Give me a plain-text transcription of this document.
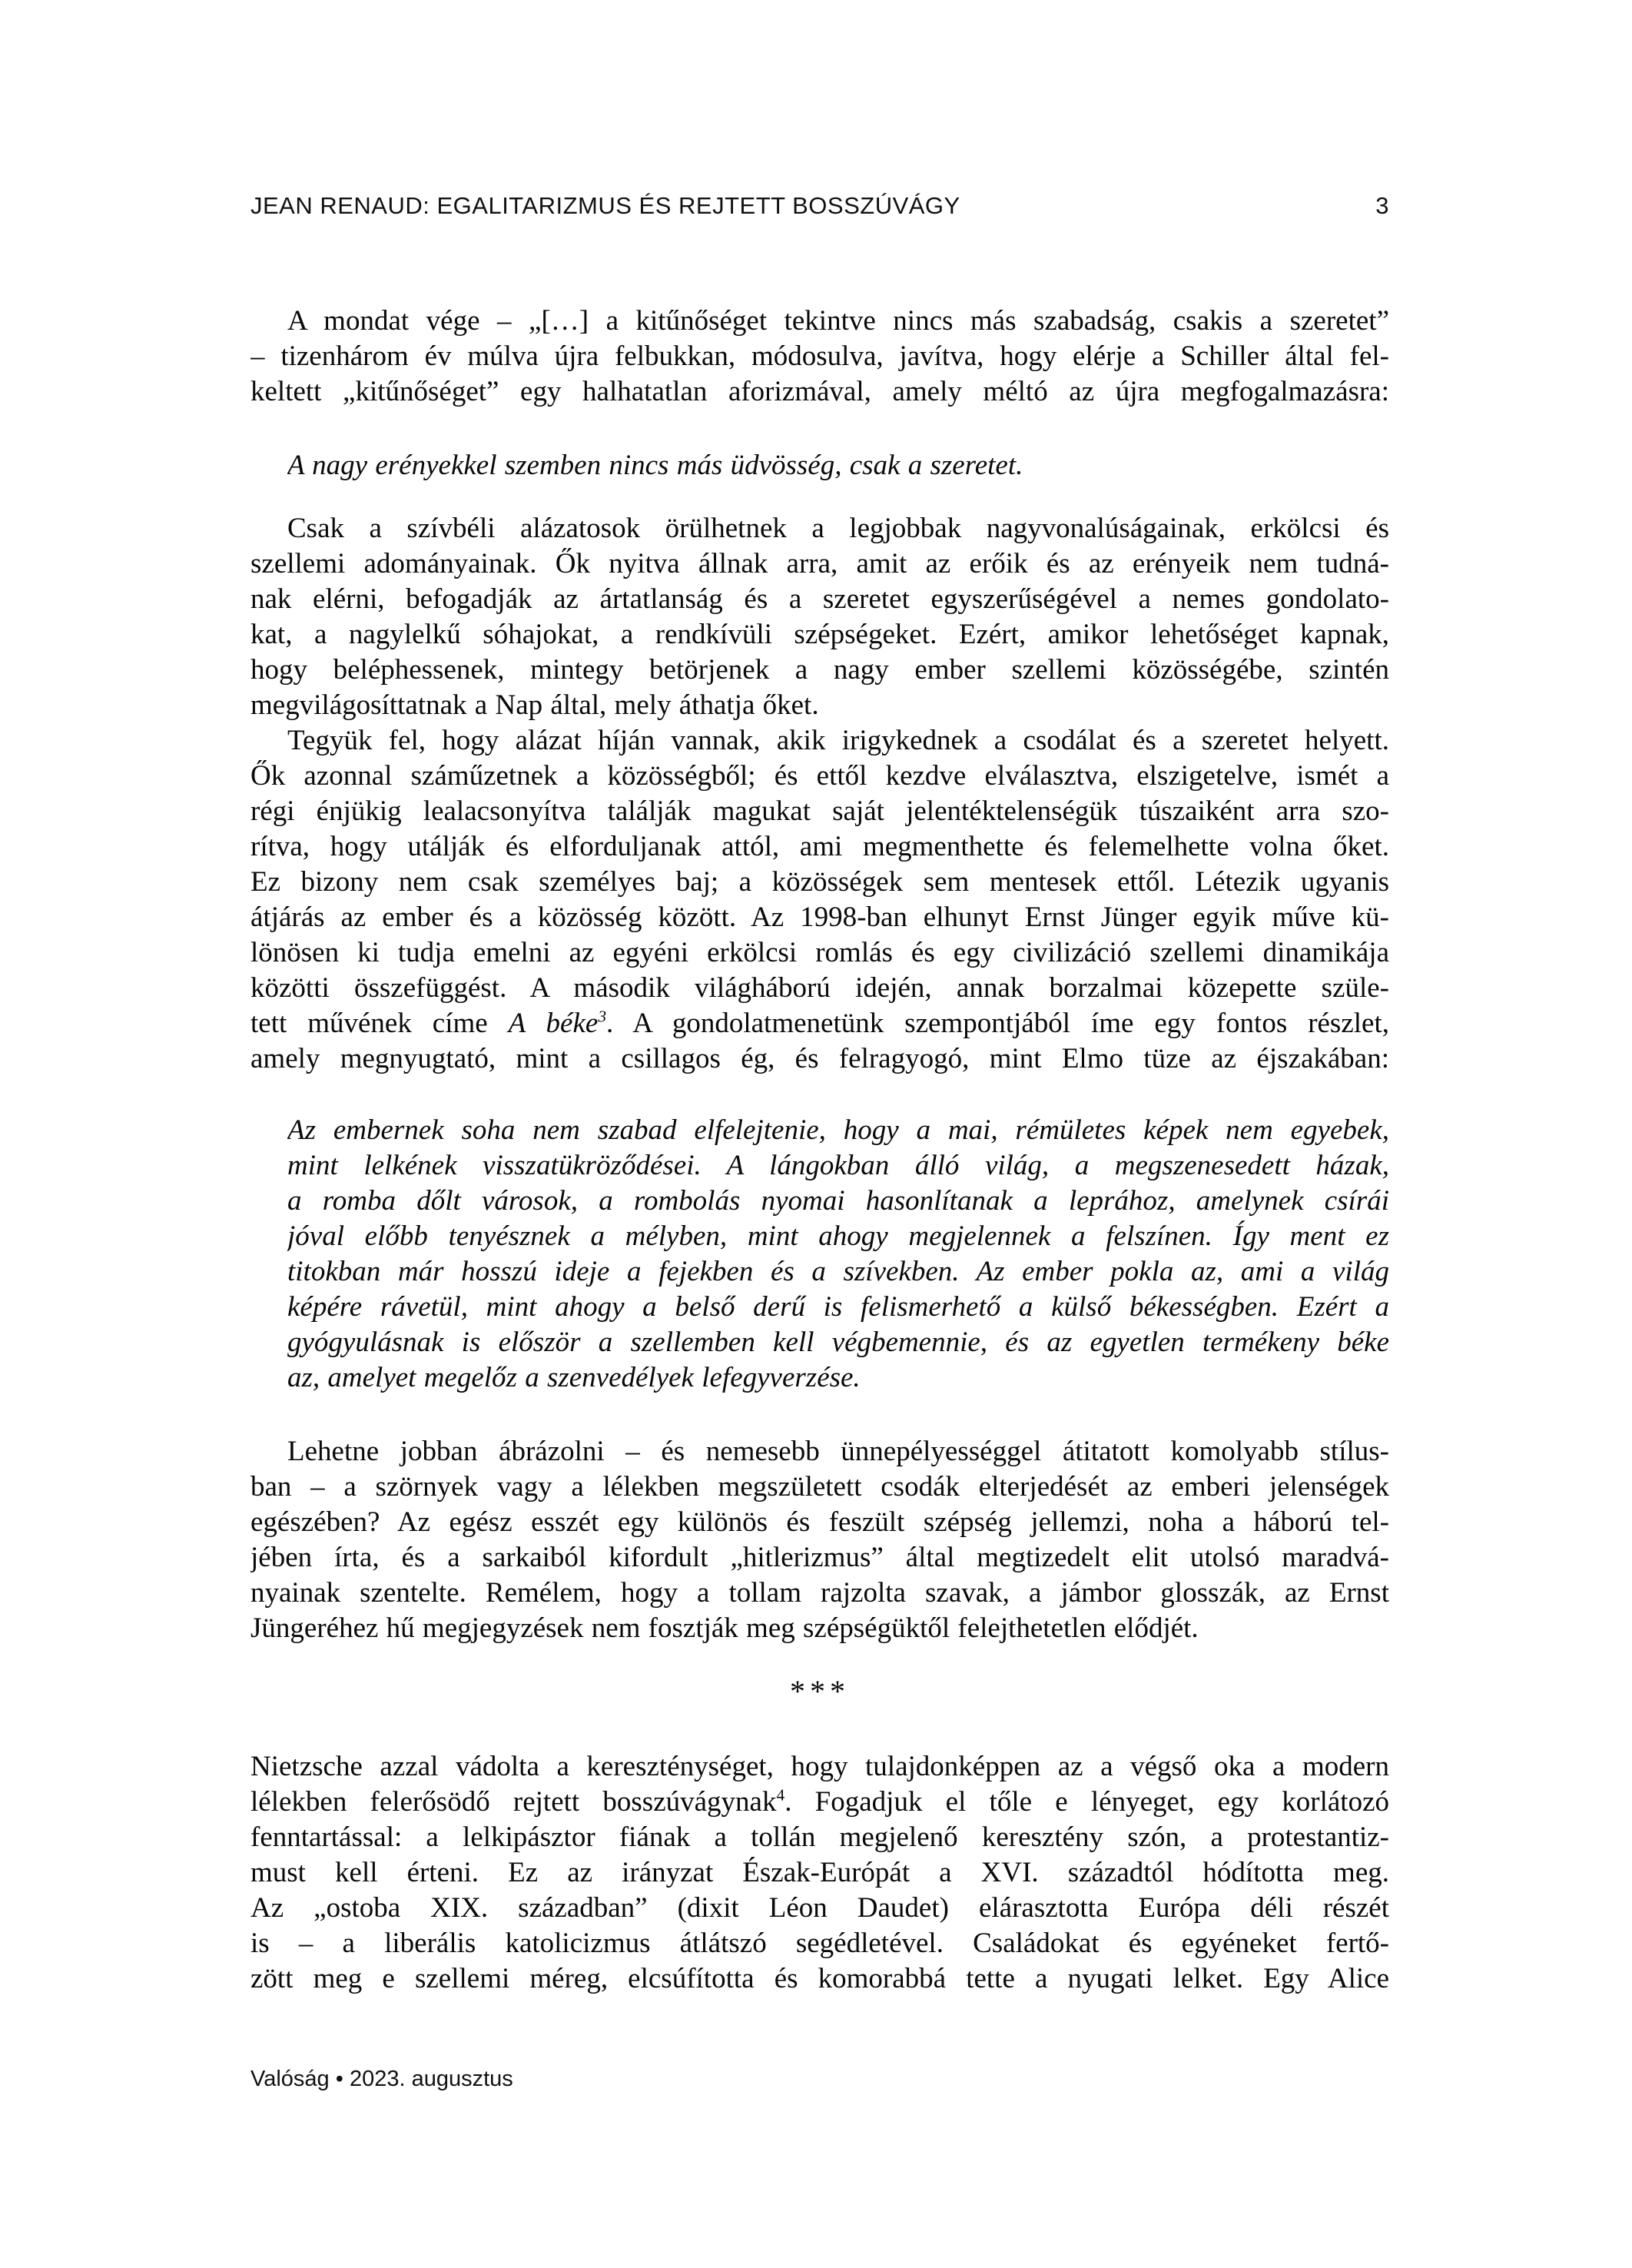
JEAN RENAUD: EGALITARIZMUS ÉS REJTETT BOSSZÚVÁGY	3
A mondat vége – „[…] a kitűnőséget tekintve nincs más szabadság, csakis a szeretet”
– tizenhárom év múlva újra felbukkan, módosulva, javítva, hogy elérje a Schiller által fel-
keltett „kitűnőséget” egy halhatatlan aforizmával, amely méltó az újra megfogalmazásra:
A nagy erényekkel szemben nincs más üdvösség, csak a szeretet.
Csak a szívbéli alázatosok örülhetnek a legjobbak nagyvonalúságainak, erkölcsi és
szellemi adományainak. Ők nyitva állnak arra, amit az erőik és az erényeik nem tudná-
nak elérni, befogadják az ártatlanság és a szeretet egyszerűségével a nemes gondolato-
kat, a nagylelkű sóhajokat, a rendkívüli szépségeket. Ezért, amikor lehetőséget kapnak,
hogy beléphessenek, mintegy betörjenek a nagy ember szellemi közösségébe, szintén
megvilágosíttatnak a Nap által, mely áthatja őket.
Tegyük fel, hogy alázat híján vannak, akik irigykednek a csodálat és a szeretet helyett.
Ők azonnal száműzetnek a közösségből; és ettől kezdve elválasztva, elszigetelve, ismét a
régi énjükig lealacsonyítva találják magukat saját jelentéktelenségük túszaiként arra szo-
rítva, hogy utálják és elforduljanak attól, ami megmenthette és felemelhette volna őket.
Ez bizony nem csak személyes baj; a közösségek sem mentesek ettől. Létezik ugyanis
átjárás az ember és a közösség között. Az 1998-ban elhunyt Ernst Jünger egyik műve kü-
lönösen ki tudja emelni az egyéni erkölcsi romlás és egy civilizáció szellemi dinamikája
közötti összefüggést. A második világháború idején, annak borzalmai közepette szüle-
tett művének címe A béke$^3$. A gondolatmenetünk szempontjából íme egy fontos részlet,
amely megnyugtató, mint a csillagos ég, és felragyogó, mint Elmo tüze az éjszakában:
Az embernek soha nem szabad elfelejtenie, hogy a mai, rémületes képek nem egyebek,
mint lelkének visszatükröződései. A lángokban álló világ, a megszenesedett házak,
a romba dőlt városok, a rombolás nyomai hasonlítanak a leprához, amelynek csírái
jóval előbb tenyésznek a mélyben, mint ahogy megjelennek a felszínen. Így ment ez
titokban már hosszú ideje a fejekben és a szívekben. Az ember pokla az, ami a világ
képére rávetül, mint ahogy a belső derű is felismerhető a külső békességben. Ezért a
gyógyulásnak is először a szellemben kell végbemennie, és az egyetlen termékeny béke
az, amelyet megelőz a szenvedélyek lefegyverzése.
Lehetne jobban ábrázolni – és nemesebb ünnepélyességgel átitatott komolyabb stílus-
ban – a szörnyek vagy a lélekben megszületett csodák elterjedését az emberi jelenségek
egészében? Az egész esszét egy különös és feszült szépség jellemzi, noha a háború tel-
jében írta, és a sarkaiból kifordult „hitlerizmus” által megtizedelt elit utolsó maradvá-
nyainak szentelte. Remélem, hogy a tollam rajzolta szavak, a jámbor glosszák, az Ernst
Jüngeréhez hű megjegyzések nem fosztják meg szépségüktől felejthetetlen elődjét.
***
Nietzsche azzal vádolta a kereszténységet, hogy tulajdonképpen az a végső oka a modern
lélekben felerősödő rejtett bosszúvágynak$^4$. Fogadjuk el tőle e lényeget, egy korlátozó
fenntartással: a lelkipásztor fiának a tollán megjelenő keresztény szón, a protestantiz-
must kell érteni. Ez az irányzat Észak-Európát a XVI. századtól hódította meg.
Az „ostoba XIX. században” (dixit Léon Daudet) elárasztotta Európa déli részét
is – a liberális katolicizmus átlátszó segédletével. Családokat és egyéneket fertő-
zött meg e szellemi méreg, elcsúfította és komorabbá tette a nyugati lelket. Egy Alice
Valóság • 2023. augusztus
